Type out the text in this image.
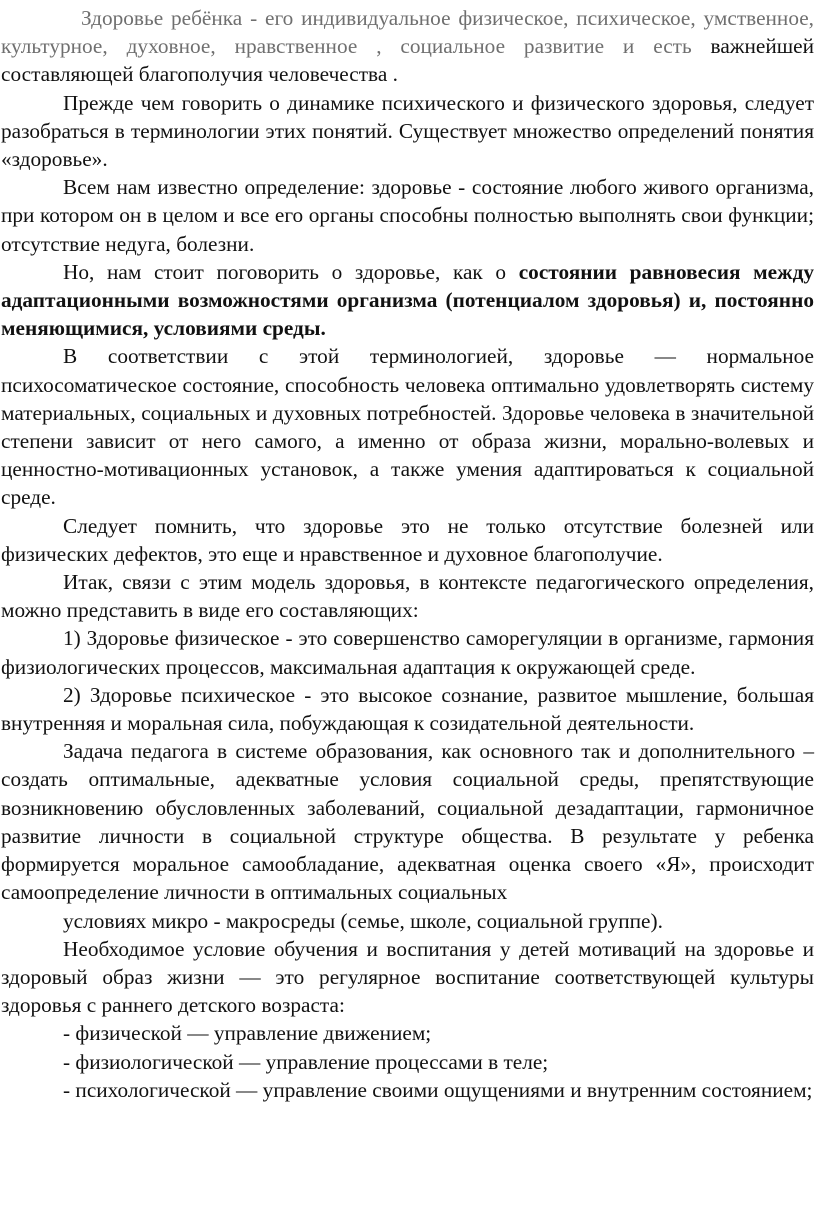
Здоровье ребёнка - его индивидуальное физическое, психическое, умственное, культурное, духовное, нравственное , социальное развитие и есть важнейшей составляющей благополучия человечества .

Прежде чем говорить о динамике психического и физического здоровья, следует разобраться в терминологии этих понятий. Существует множество определений понятия «здоровье».

Всем нам известно определение: здоровье - состояние любого живого организма, при котором он в целом и все его органы способны полностью выполнять свои функции; отсутствие недуга, болезни.

Но, нам стоит поговорить о здоровье, как о состоянии равновесия между адаптационными возможностями организма (потенциалом здоровья) и, постоянно меняющимися, условиями среды.

В соответствии с этой терминологией, здоровье — нормальное психосоматическое состояние, способность человека оптимально удовлетворять систему материальных, социальных и духовных потребностей. Здоровье человека в значительной степени зависит от него самого, а именно от образа жизни, морально-волевых и ценностно-мотивационных установок, а также умения адаптироваться к социальной среде.

Следует помнить, что здоровье это не только отсутствие болезней или физических дефектов, это еще и нравственное и духовное благополучие.

Итак, связи с этим модель здоровья, в контексте педагогического определения, можно представить в виде его составляющих:

1) Здоровье физическое - это совершенство саморегуляции в организме, гармония физиологических процессов, максимальная адаптация к окружающей среде.

2) Здоровье психическое - это высокое сознание, развитое мышление, большая внутренняя и моральная сила, побуждающая к созидательной деятельности.

Задача педагога в системе образования, как основного так и дополнительного – создать оптимальные, адекватные условия социальной среды, препятствующие возникновению обусловленных заболеваний, социальной дезадаптации, гармоничное развитие личности в социальной структуре общества. В результате у ребенка формируется моральное самообладание, адекватная оценка своего «Я», происходит самоопределение личности в оптимальных социальных

условиях микро - макросреды (семье, школе, социальной группе).

Необходимое условие обучения и воспитания у детей мотиваций на здоровье и здоровый образ жизни — это регулярное воспитание соответствующей культуры здоровья с раннего детского возраста:

- физической — управление движением;

- физиологической — управление процессами в теле;

- психологической — управление своими ощущениями и внутренним состоянием;
